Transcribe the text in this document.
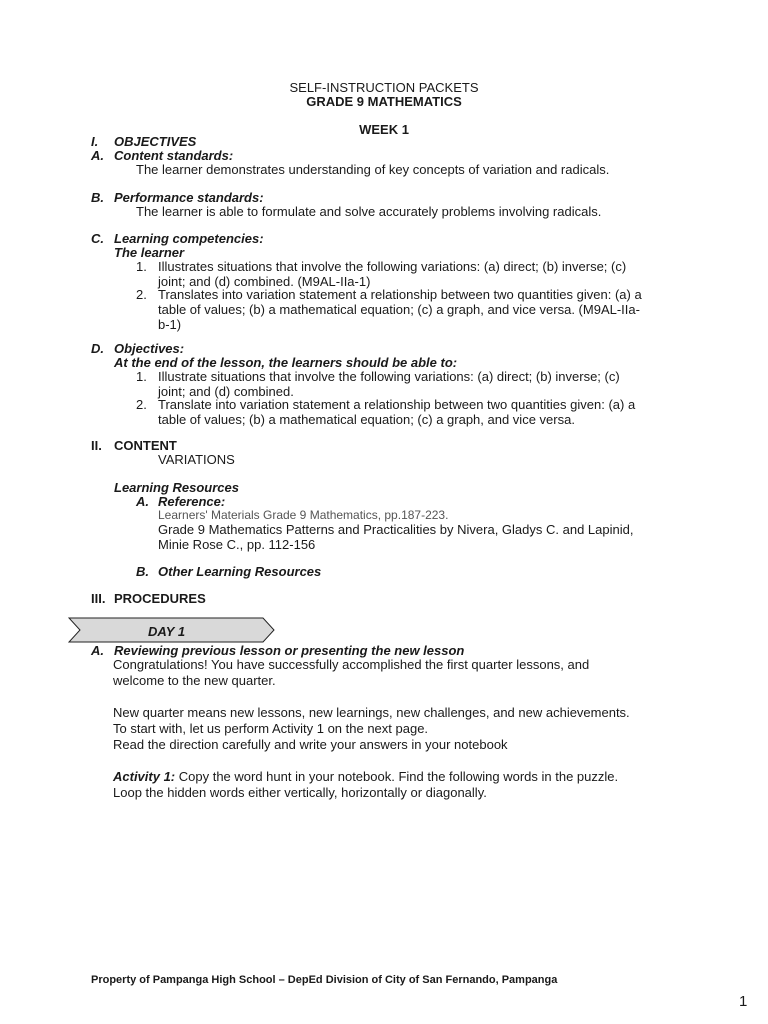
SELF-INSTRUCTION PACKETS
GRADE 9 MATHEMATICS
WEEK 1
I. OBJECTIVES
A. Content standards:
The learner demonstrates understanding of key concepts of variation and radicals.
B. Performance standards:
The learner is able to formulate and solve accurately problems involving radicals.
C. Learning competencies:
The learner
1. Illustrates situations that involve the following variations: (a) direct; (b) inverse; (c)
joint; and (d) combined. (M9AL-IIa-1)
2. Translates into variation statement a relationship between two quantities given: (a) a
table of values; (b) a mathematical equation; (c) a graph, and vice versa. (M9AL-IIa-
b-1)
D. Objectives:
At the end of the lesson, the learners should be able to:
1. Illustrate situations that involve the following variations: (a) direct; (b) inverse; (c)
joint; and (d) combined.
2. Translate into variation statement a relationship between two quantities given: (a) a
table of values; (b) a mathematical equation; (c) a graph, and vice versa.
II. CONTENT
VARIATIONS
Learning Resources
A. Reference:
Learners' Materials Grade 9 Mathematics, pp.187-223.
Grade 9 Mathematics Patterns and Practicalities by Nivera, Gladys C. and Lapinid,
Minie Rose C., pp. 112-156
B. Other Learning Resources
III. PROCEDURES
DAY 1
A. Reviewing previous lesson or presenting the new lesson
Congratulations! You have successfully accomplished the first quarter lessons, and
welcome to the new quarter.
New quarter means new lessons, new learnings, new challenges, and new achievements.
To start with, let us perform Activity 1 on the next page.
Read the direction carefully and write your answers in your notebook
Activity 1: Copy the word hunt in your notebook. Find the following words in the puzzle.
Loop the hidden words either vertically, horizontally or diagonally.
Property of Pampanga High School – DepEd Division of City of San Fernando, Pampanga
1
